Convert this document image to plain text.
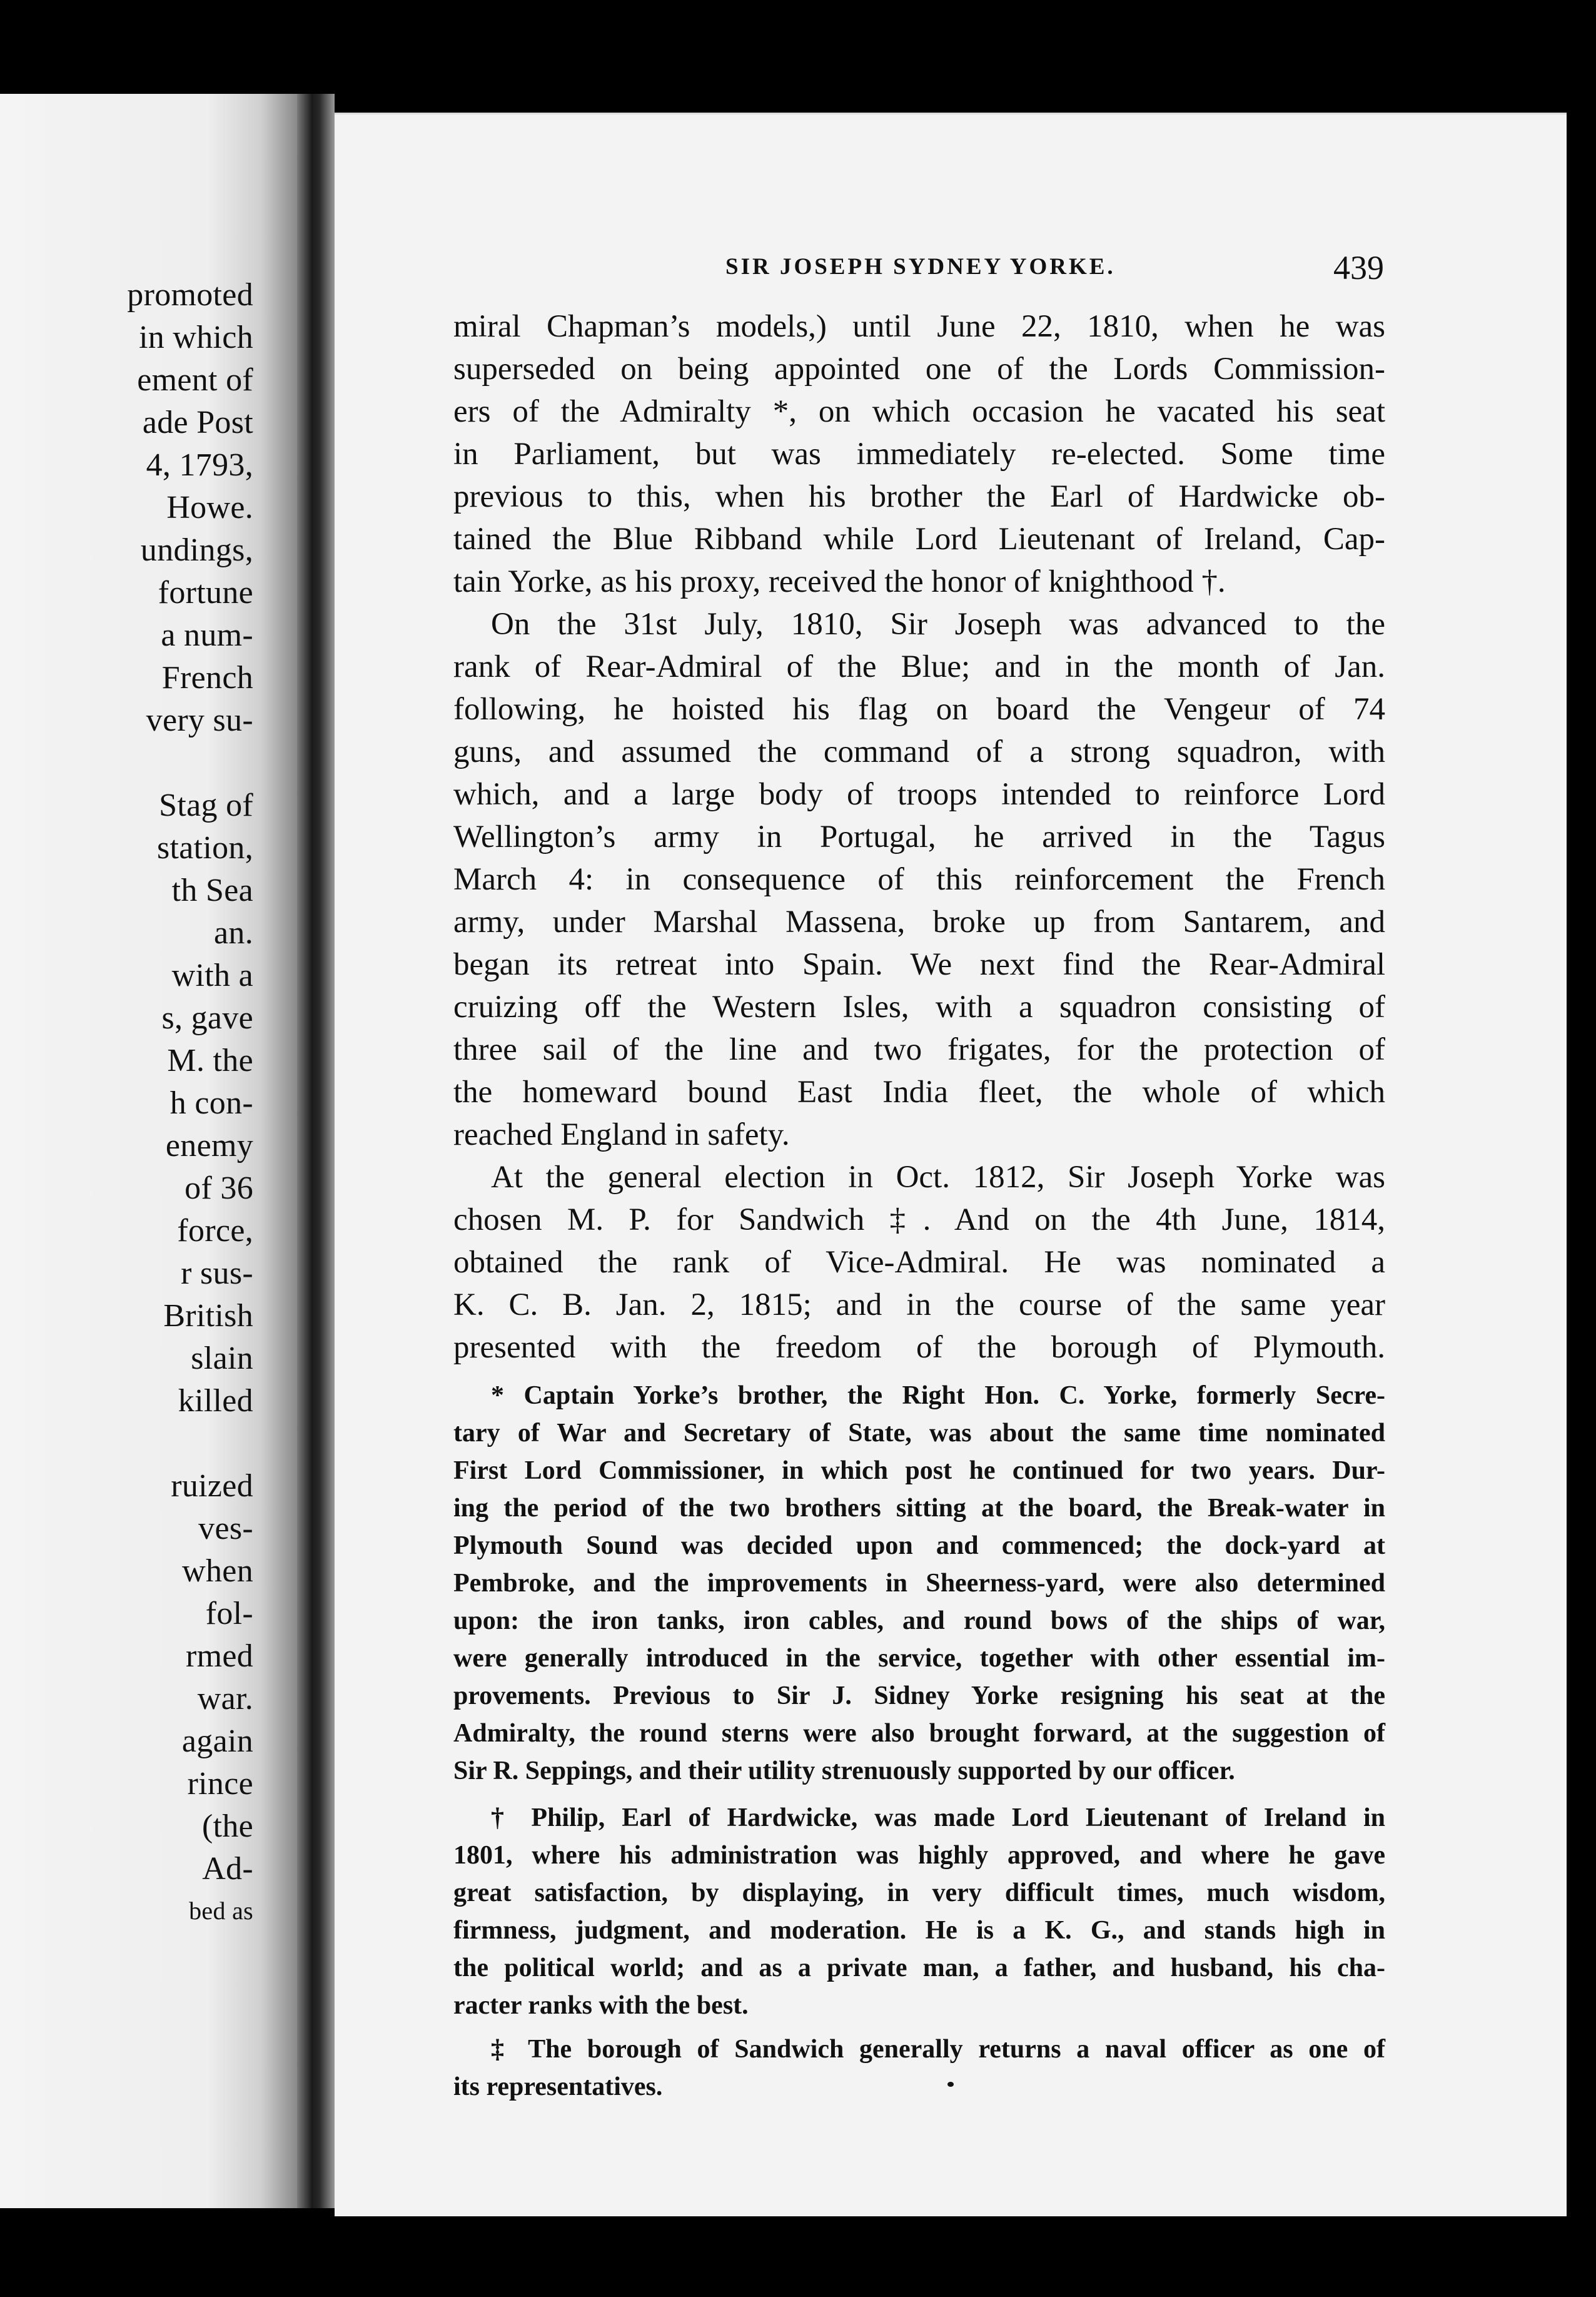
promoted
in which
ement of
ade Post
4, 1793,
Howe.
undings,
fortune
a num-
French
very su-
Stag of
station,
th Sea
an.
with a
s, gave
M. the
h con-
enemy
of 36
force,
r sus-
British
slain
killed
ruized
ves-
when
fol-
rmed
war.
again
rince
(the
Ad-
bed as
SIR JOSEPH SYDNEY YORKE.	439
miral Chapman’s models,) until June 22, 1810, when he was
superseded on being appointed one of the Lords Commission-
ers of the Admiralty *, on which occasion he vacated his seat
in Parliament, but was immediately re-elected. Some time
previous to this, when his brother the Earl of Hardwicke ob-
tained the Blue Ribband while Lord Lieutenant of Ireland, Cap-
tain Yorke, as his proxy, received the honor of knighthood †.
On the 31st July, 1810, Sir Joseph was advanced to the
rank of Rear-Admiral of the Blue; and in the month of Jan.
following, he hoisted his flag on board the Vengeur of 74
guns, and assumed the command of a strong squadron, with
which, and a large body of troops intended to reinforce Lord
Wellington’s army in Portugal, he arrived in the Tagus
March 4: in consequence of this reinforcement the French
army, under Marshal Massena, broke up from Santarem, and
began its retreat into Spain. We next find the Rear-Admiral
cruizing off the Western Isles, with a squadron consisting of
three sail of the line and two frigates, for the protection of
the homeward bound East India fleet, the whole of which
reached England in safety.
At the general election in Oct. 1812, Sir Joseph Yorke was
chosen M. P. for Sandwich ‡. And on the 4th June, 1814,
obtained the rank of Vice-Admiral. He was nominated a
K. C. B. Jan. 2, 1815; and in the course of the same year
presented with the freedom of the borough of Plymouth.
* Captain Yorke’s brother, the Right Hon. C. Yorke, formerly Secre-
tary of War and Secretary of State, was about the same time nominated
First Lord Commissioner, in which post he continued for two years. Dur-
ing the period of the two brothers sitting at the board, the Break-water in
Plymouth Sound was decided upon and commenced; the dock-yard at
Pembroke, and the improvements in Sheerness-yard, were also determined
upon: the iron tanks, iron cables, and round bows of the ships of war,
were generally introduced in the service, together with other essential im-
provements. Previous to Sir J. Sidney Yorke resigning his seat at the
Admiralty, the round sterns were also brought forward, at the suggestion of
Sir R. Seppings, and their utility strenuously supported by our officer.
† Philip, Earl of Hardwicke, was made Lord Lieutenant of Ireland in
1801, where his administration was highly approved, and where he gave
great satisfaction, by displaying, in very difficult times, much wisdom,
firmness, judgment, and moderation. He is a K. G., and stands high in
the political world; and as a private man, a father, and husband, his cha-
racter ranks with the best.
‡ The borough of Sandwich generally returns a naval officer as one of
its representatives.
